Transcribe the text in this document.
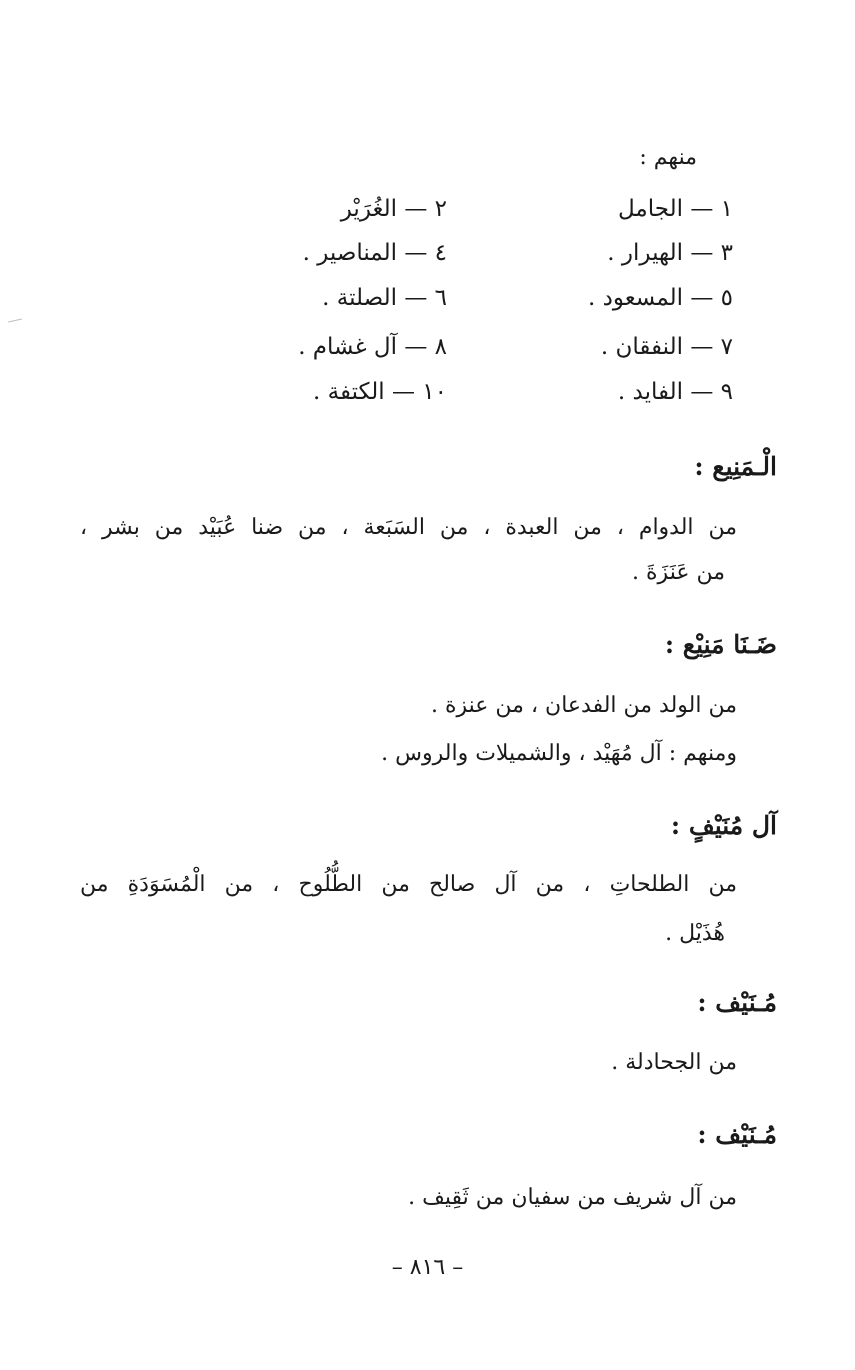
منهم :
١ — الجامل
٢ — الغُرَيْر
٣ — الهيرار .
٤ — المناصير .
٥ — المسعود .
٦ — الصلتة .
٧ — النفقان .
٨ — آل غشام .
٩ — الفايد .
١٠ — الكتفة .
الْـمَنِيع :
من الدوام ، من العبدة ، من السَبَعة ، من ضنا عُبَيْد من بشر ،
من عَنَزَةَ .
ضَـنَا مَنِيْع :
من الولد من الفدعان ، من عنزة .
ومنهم : آل مُهَيْد ، والشميلات والروس .
آل مُنَيْفٍ :
من الطلحاتِ ، من آل صالح من الطُّلُوح ، من الْمُسَوَدَةِ من
هُذَيْل .
مُـنَيْف :
من الجحادلة .
مُـنَيْف :
من آل شريف من سفيان من ثَقِيف .
– ٨١٦ –
